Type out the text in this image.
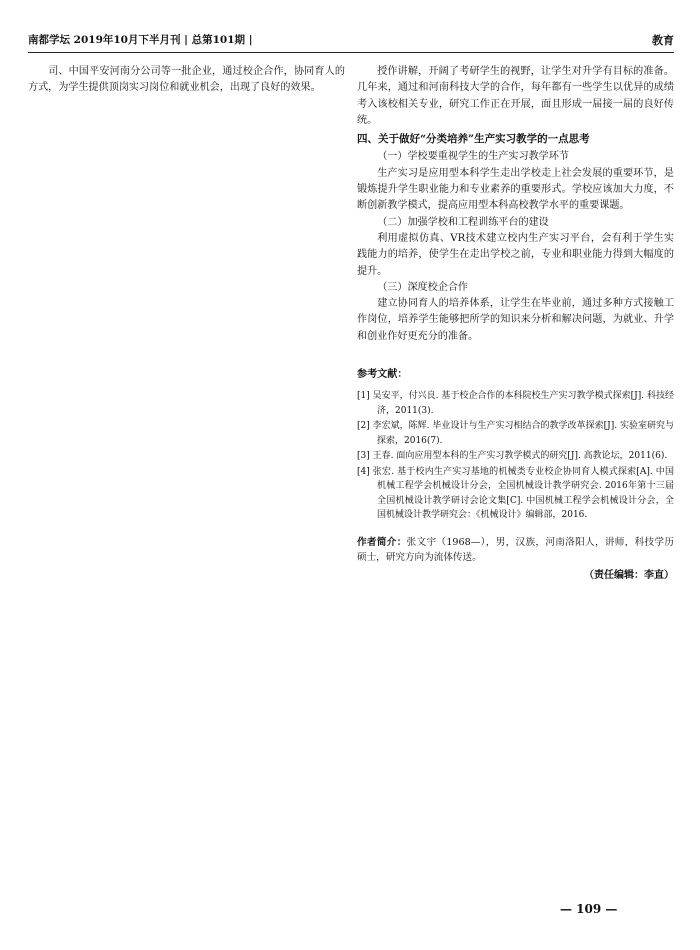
南都学坛 2019年10月下半月刊 | 总第101期 |	教育

司、中国平安河南分公司等一批企业，通过校企合作，协同育人的方式，为学生提供顶岗实习岗位和就业机会，出现了良好的效果。

授作讲解，开阔了考研学生的视野，让学生对升学有目标的准备。几年来，通过和河南科技大学的合作，每年都有一些学生以优异的成绩考入该校相关专业，研究工作正在开展，面且形成一届接一届的良好传统。

四、关于做好“分类培养”生产实习教学的一点思考

（一）学校要重视学生的生产实习教学环节

生产实习是应用型本科学生走出学校走上社会发展的重要环节，是锻炼提升学生职业能力和专业素养的重要形式。学校应该加大力度，不断创新教学模式，提高应用型本科高校教学水平的重要课题。

（二）加强学校和工程训练平台的建设

利用虚拟仿真、VR技术建立校内生产实习平台，会有利于学生实践能力的培养，使学生在走出学校之前，专业和职业能力得到大幅度的提升。

（三）深度校企合作

建立协同育人的培养体系，让学生在毕业前，通过多种方式接触工作岗位，培养学生能够把所学的知识来分析和解决问题，为就业、升学和创业作好更充分的准备。

参考文献：

[1] 吴安平，付兴良. 基于校企合作的本科院校生产实习教学模式探索[J]. 科技经济，2011(3).

[2] 李宏斌，陈辉. 毕业设计与生产实习相结合的教学改革探索[J]. 实验室研究与探索，2016(7).

[3] 王春. 面向应用型本科的生产实习教学模式的研究[J]. 高教论坛，2011(6).

[4] 张宏. 基于校内生产实习基地的机械类专业校企协同育人模式探索[A]. 中国机械工程学会机械设计分会，全国机械设计教学研究会. 2016年第十三届全国机械设计教学研讨会论文集[C]. 中国机械工程学会机械设计分会，全国机械设计教学研究会：《机械设计》编辑部，2016.

作者简介：张文宇（1968—），男，汉族，河南洛阳人，讲师，科技学历硕士，研究方向为流体传送。

（责任编辑：李直）

— 109 —
